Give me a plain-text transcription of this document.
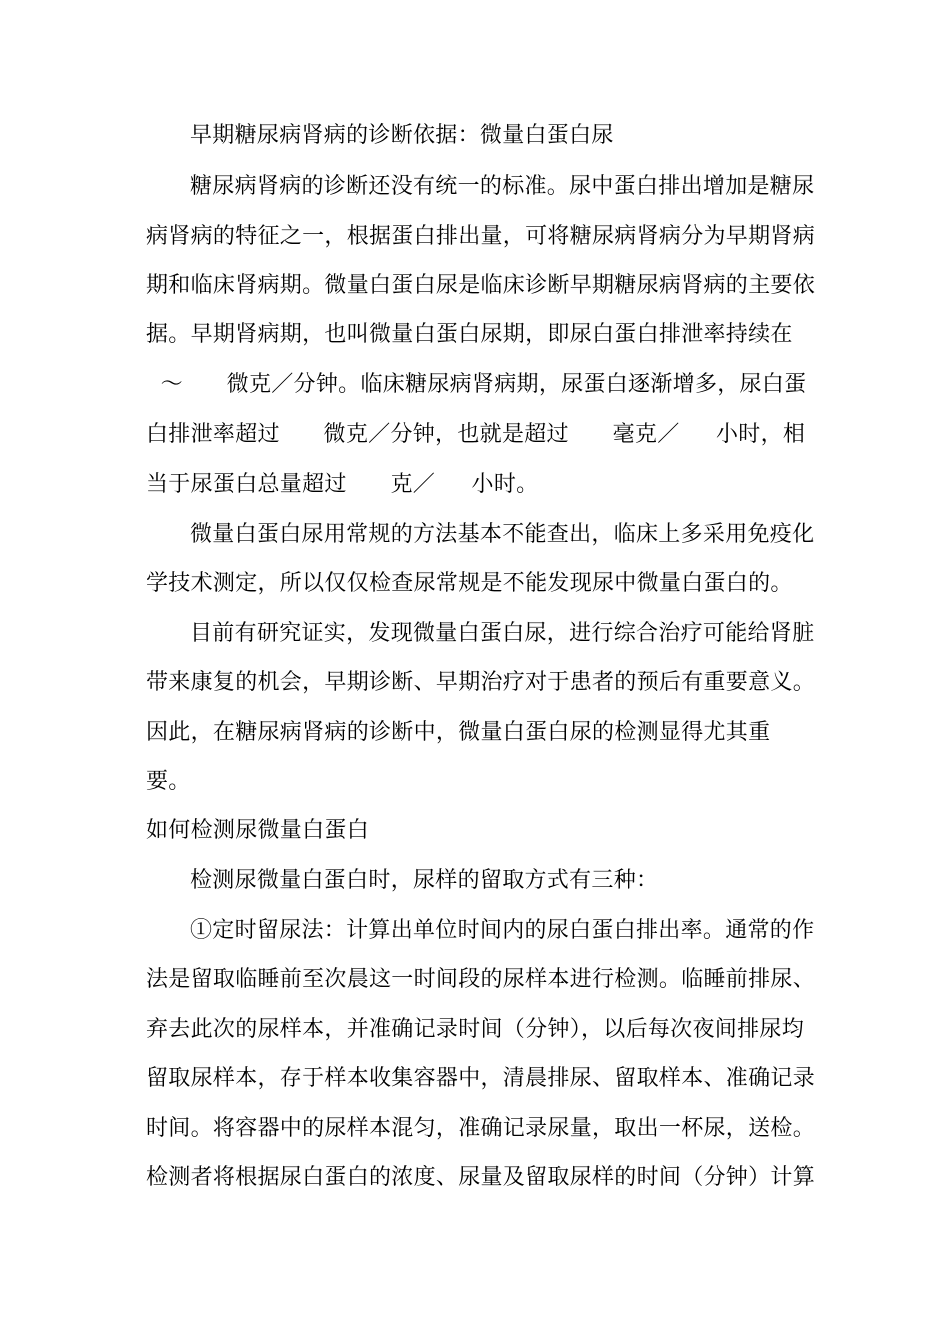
早期糖尿病肾病的诊断依据：微量白蛋白尿
糖尿病肾病的诊断还没有统一的标准。尿中蛋白排出增加是糖尿
病肾病的特征之一，根据蛋白排出量，可将糖尿病肾病分为早期肾病
期和临床肾病期。微量白蛋白尿是临床诊断早期糖尿病肾病的主要依
据。早期肾病期，也叫微量白蛋白尿期，即尿白蛋白排泄率持续在
～      微克／分钟。临床糖尿病肾病期，尿蛋白逐渐增多，尿白蛋
白排泄率超过      微克／分钟，也就是超过      毫克／     小时，相
当于尿蛋白总量超过      克／     小时。
微量白蛋白尿用常规的方法基本不能查出，临床上多采用免疫化
学技术测定，所以仅仅检查尿常规是不能发现尿中微量白蛋白的。
目前有研究证实，发现微量白蛋白尿，进行综合治疗可能给肾脏
带来康复的机会，早期诊断、早期治疗对于患者的预后有重要意义。
因此，在糖尿病肾病的诊断中，微量白蛋白尿的检测显得尤其重
要。
如何检测尿微量白蛋白
检测尿微量白蛋白时，尿样的留取方式有三种：
①定时留尿法：计算出单位时间内的尿白蛋白排出率。通常的作
法是留取临睡前至次晨这一时间段的尿样本进行检测。临睡前排尿、
弃去此次的尿样本，并准确记录时间（分钟），以后每次夜间排尿均
留取尿样本，存于样本收集容器中，清晨排尿、留取样本、准确记录
时间。将容器中的尿样本混匀，准确记录尿量，取出一杯尿，送检。
检测者将根据尿白蛋白的浓度、尿量及留取尿样的时间（分钟）计算
